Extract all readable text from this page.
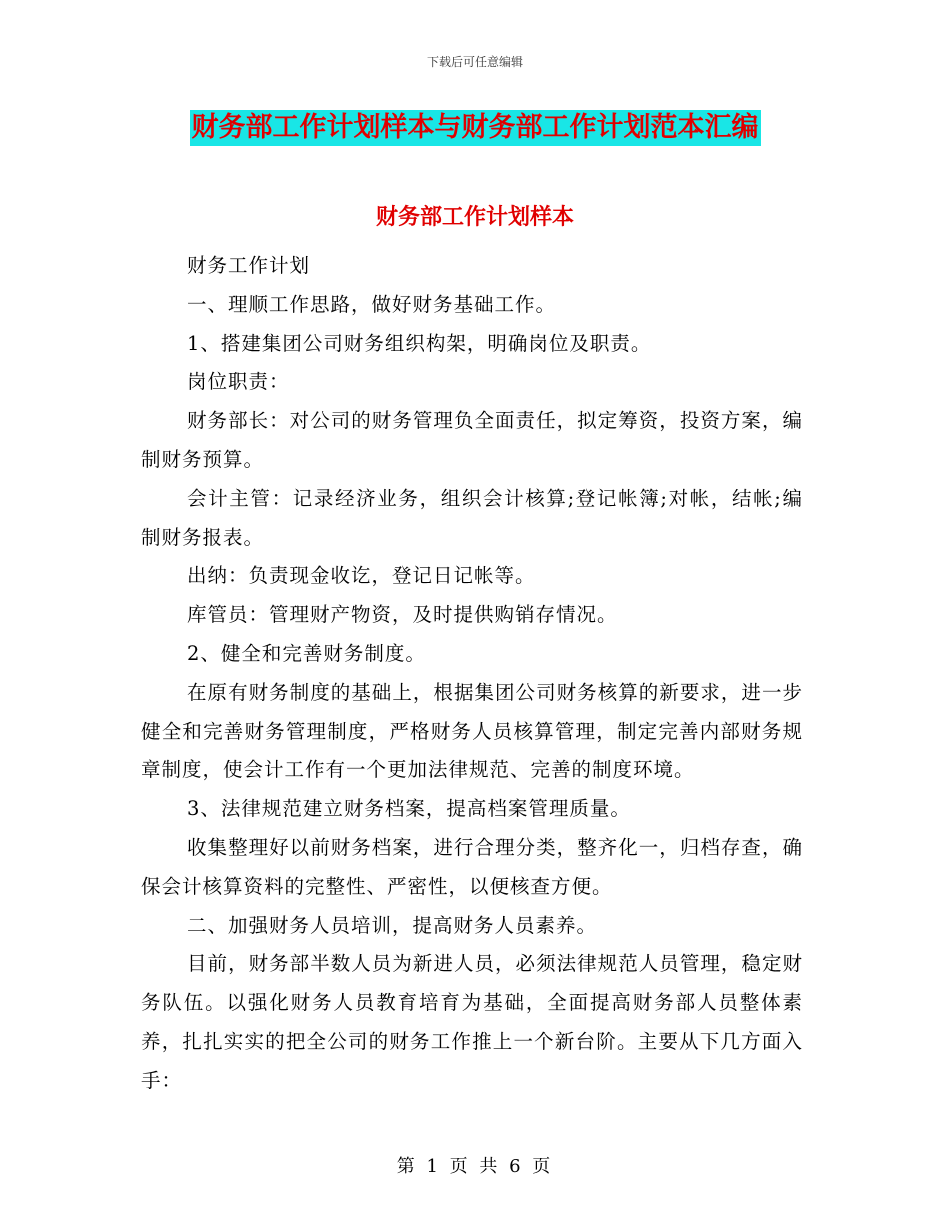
下载后可任意编辑
财务部工作计划样本与财务部工作计划范本汇编
财务部工作计划样本

财务工作计划

一、理顺工作思路，做好财务基础工作。

1、搭建集团公司财务组织构架，明确岗位及职责。

岗位职责：

财务部长：对公司的财务管理负全面责任，拟定筹资，投资方案，编制财务预算。

会计主管：记录经济业务，组织会计核算;登记帐簿;对帐，结帐;编制财务报表。

出纳：负责现金收讫，登记日记帐等。

库管员：管理财产物资，及时提供购销存情况。

2、健全和完善财务制度。

在原有财务制度的基础上，根据集团公司财务核算的新要求，进一步健全和完善财务管理制度，严格财务人员核算管理，制定完善内部财务规章制度，使会计工作有一个更加法律规范、完善的制度环境。

3、法律规范建立财务档案，提高档案管理质量。

收集整理好以前财务档案，进行合理分类，整齐化一，归档存查，确保会计核算资料的完整性、严密性，以便核查方便。

二、加强财务人员培训，提高财务人员素养。

目前，财务部半数人员为新进人员，必须法律规范人员管理，稳定财务队伍。以强化财务人员教育培育为基础，全面提高财务部人员整体素养，扎扎实实的把全公司的财务工作推上一个新台阶。主要从下几方面入手：

第 1 页 共 6 页
